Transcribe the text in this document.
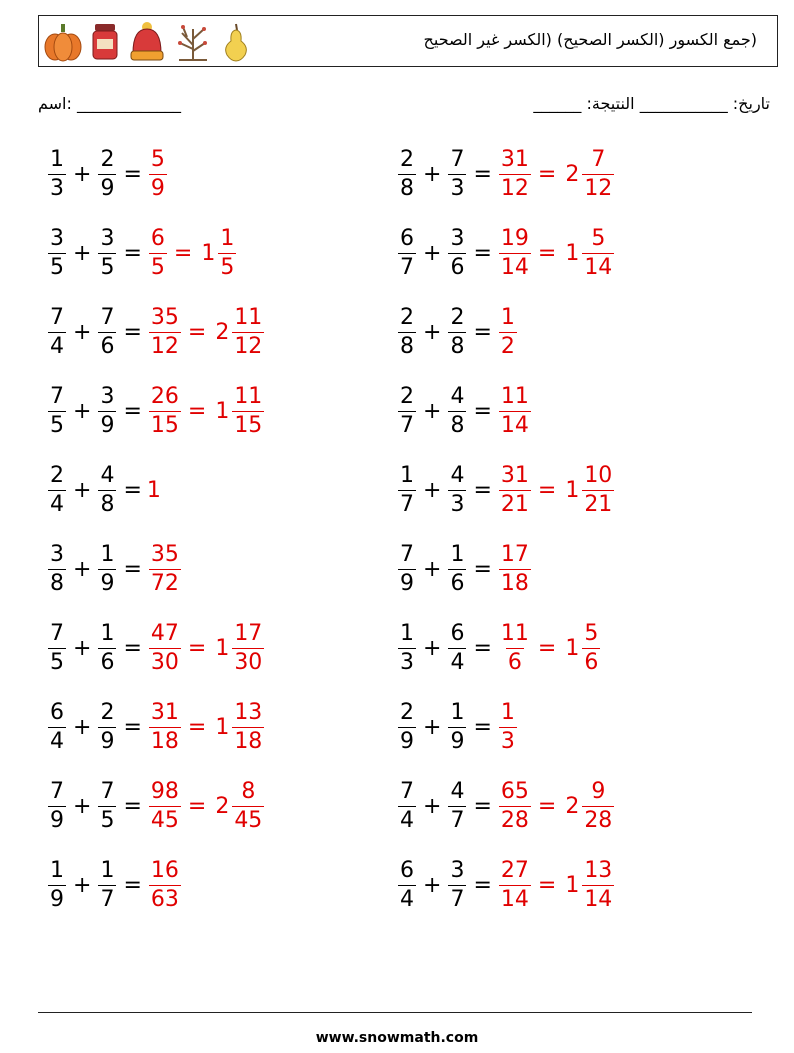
(جمع الكسور (الكسر الصحيح) (الكسر غير الصحيح
اسم: _____________	______ :تاريخ: ___________ النتيجة
$\frac{1}{3} + \frac{2}{9} = \frac{5}{9}$	$\frac{2}{8} + \frac{7}{3} = \frac{31}{12} = 2 \frac{7}{12}$
$\frac{3}{5} + \frac{3}{5} = \frac{6}{5} = 1 \frac{1}{5}$	$\frac{6}{7} + \frac{3}{6} = \frac{19}{14} = 1 \frac{5}{14}$
$\frac{7}{4} + \frac{7}{6} = \frac{35}{12} = 2 \frac{11}{12}$	$\frac{2}{8} + \frac{2}{8} = \frac{1}{2}$
$\frac{7}{5} + \frac{3}{9} = \frac{26}{15} = 1 \frac{11}{15}$	$\frac{2}{7} + \frac{4}{8} = \frac{11}{14}$
$\frac{2}{4} + \frac{4}{8} = 1$	$\frac{1}{7} + \frac{4}{3} = \frac{31}{21} = 1 \frac{10}{21}$
$\frac{3}{8} + \frac{1}{9} = \frac{35}{72}$	$\frac{7}{9} + \frac{1}{6} = \frac{17}{18}$
$\frac{7}{5} + \frac{1}{6} = \frac{47}{30} = 1 \frac{17}{30}$	$\frac{1}{3} + \frac{6}{4} = \frac{11}{6} = 1 \frac{5}{6}$
$\frac{6}{4} + \frac{2}{9} = \frac{31}{18} = 1 \frac{13}{18}$	$\frac{2}{9} + \frac{1}{9} = \frac{1}{3}$
$\frac{7}{9} + \frac{7}{5} = \frac{98}{45} = 2 \frac{8}{45}$	$\frac{7}{4} + \frac{4}{7} = \frac{65}{28} = 2 \frac{9}{28}$
$\frac{1}{9} + \frac{1}{7} = \frac{16}{63}$	$\frac{6}{4} + \frac{3}{7} = \frac{27}{14} = 1 \frac{13}{14}$
www.snowmath.com
